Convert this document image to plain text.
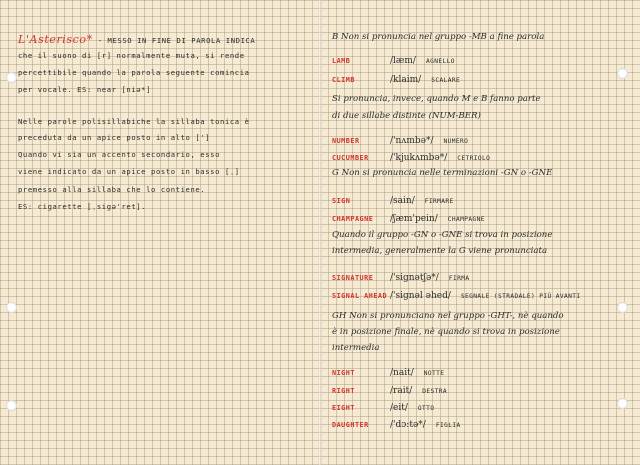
L'Asterisco* - MESSO IN FINE DI PAROLA INDICA
che il suono di [r] normalmente muta, si rende
percettibile quando la parola seguente comincia
per vocale. ES: near [niə*]
Nelle parole polisillabiche la sillaba tonica è
preceduta da un apice posto in alto [']
Quando vi sia un accento secondario, esso
viene indicato da un apice posto in basso [ˌ]
premesso alla sillaba che lo contiene.
ES: cigarette [ˌsigə'ret].
B Non si pronuncia nel gruppo -MB a fine parola
LAMB	/læm/ AGNELLO
CLIMB	/klaim/ SCALARE
Si pronuncia, invece, quando M e B fanno parte
di due sillabe distinte (NUM-BER)
NUMBER	/'nʌmbə*/ NUMERO
CUCUMBER /'kjukʌmbə*/ CETRIOLO
G Non si pronuncia nelle terminazioni -GN o -GNE
SIGN	/sain/ FIRMARE
CHAMPAGNE /ʃæm'pein/ CHAMPAGNE
Quando il gruppo -GN o -GNE si trova in posizione
intermedia, generalmente la G viene pronunciata
SIGNATURE /'signətʃə*/ FIRMA
SIGNAL AHEAD /'signəl əhed/ SEGNALE (STRADALE) PIÙ AVANTI
GH Non si pronunciano nel gruppo -GHT-, nè quando
è in posizione finale, nè quando si trova in posizione
intermedia
NIGHT	/nait/ NOTTE
RIGHT	/rait/ DESTRA
EIGHT	/eit/ OTTO
DAUGHTER /'dɔ:tə*/ FIGLIA
